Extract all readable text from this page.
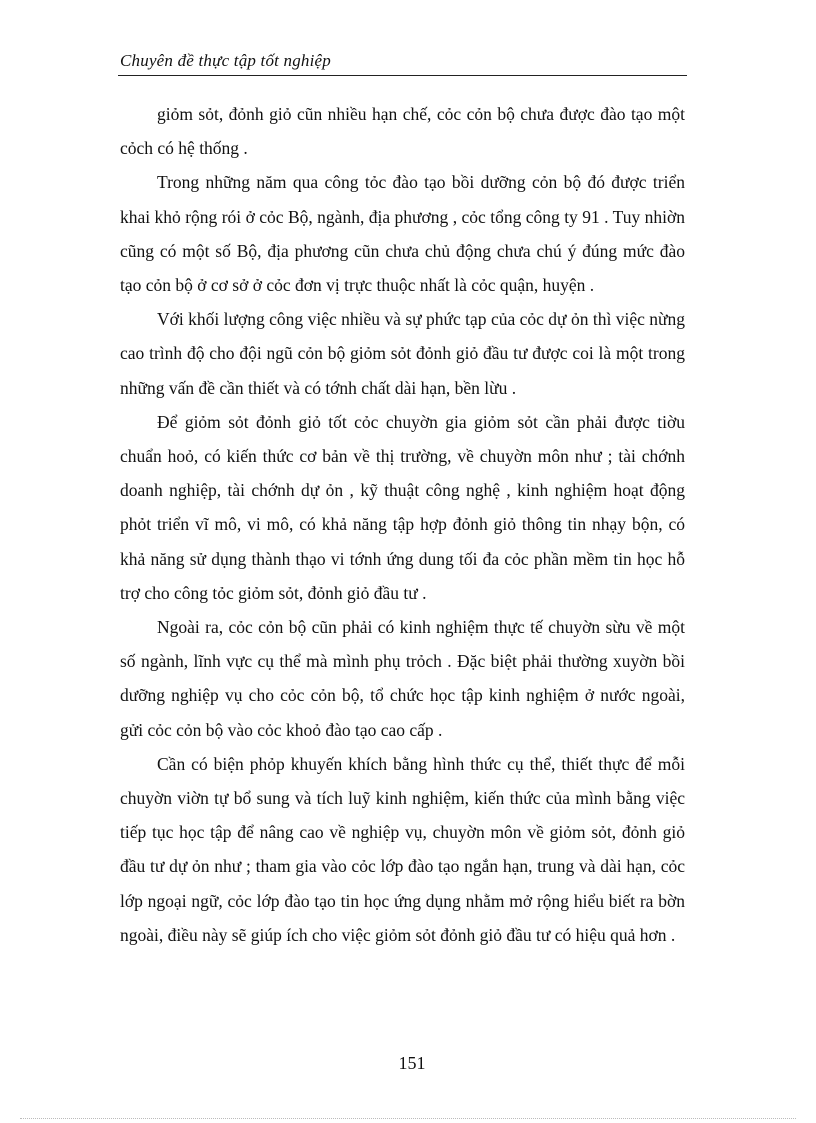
Chuyên đề thực tập tốt nghiệp

giỏm sỏt, đỏnh giỏ cũn nhiều hạn chế, cỏc cỏn bộ chưa được đào tạo một cỏch có hệ thống .

Trong những năm qua công tỏc đào tạo bồi dưỡng cỏn bộ đó được triển khai khỏ rộng rói ở cỏc Bộ, ngành, địa phương , cỏc tổng công ty 91 . Tuy nhiờn cũng có một số Bộ, địa phương cũn chưa chủ động chưa chú ý đúng mức đào tạo cỏn bộ ở cơ sở ở cỏc đơn vị trực thuộc nhất là cỏc quận, huyện .

Với khối lượng công việc nhiều và sự phức tạp của cỏc dự ỏn thì việc nừng cao trình độ cho đội ngũ cỏn bộ giỏm sỏt đỏnh giỏ đầu tư được coi là một trong những vấn đề cần thiết và có tớnh chất dài hạn, bền lừu .

Để giỏm sỏt đỏnh giỏ tốt cỏc chuyờn gia giỏm sỏt cần phải được tiờu chuẩn hoỏ, có kiến thức cơ bản về thị trường, về chuyờn môn như ; tài chớnh doanh nghiệp, tài chớnh dự ỏn , kỹ thuật công nghệ , kinh nghiệm hoạt động phỏt triển vĩ mô, vi mô, có khả năng tập hợp đỏnh giỏ thông tin nhạy bộn, có khả năng sử dụng thành thạo vi tớnh ứng dung tối đa cỏc phần mềm tin học hỗ trợ cho công tỏc giỏm sỏt, đỏnh giỏ đầu tư .

Ngoài ra, cỏc cỏn bộ cũn phải có kinh nghiệm thực tế chuyờn sừu về một số ngành, lĩnh vực cụ thể mà mình phụ trỏch . Đặc biệt phải thường xuyờn bồi dưỡng nghiệp vụ cho cỏc cỏn bộ, tổ chức học tập kinh nghiệm ở nước ngoài, gửi cỏc cỏn bộ vào cỏc khoỏ đào tạo cao cấp .

Cần có biện phỏp khuyến khích bằng hình thức cụ thể, thiết thực để mỗi chuyờn viờn tự bổ sung và tích luỹ kinh nghiệm, kiến thức của mình bằng việc tiếp tục học tập để nâng cao về nghiệp vụ, chuyờn môn về giỏm sỏt, đỏnh giỏ đầu tư dự ỏn như ; tham gia vào cỏc lớp đào tạo ngắn hạn, trung và dài hạn, cỏc lớp ngoại ngữ, cỏc lớp đào tạo tin học ứng dụng nhằm mở rộng hiểu biết ra bờn ngoài, điều này sẽ giúp ích cho việc giỏm sỏt đỏnh giỏ đầu tư có hiệu quả hơn .

151
